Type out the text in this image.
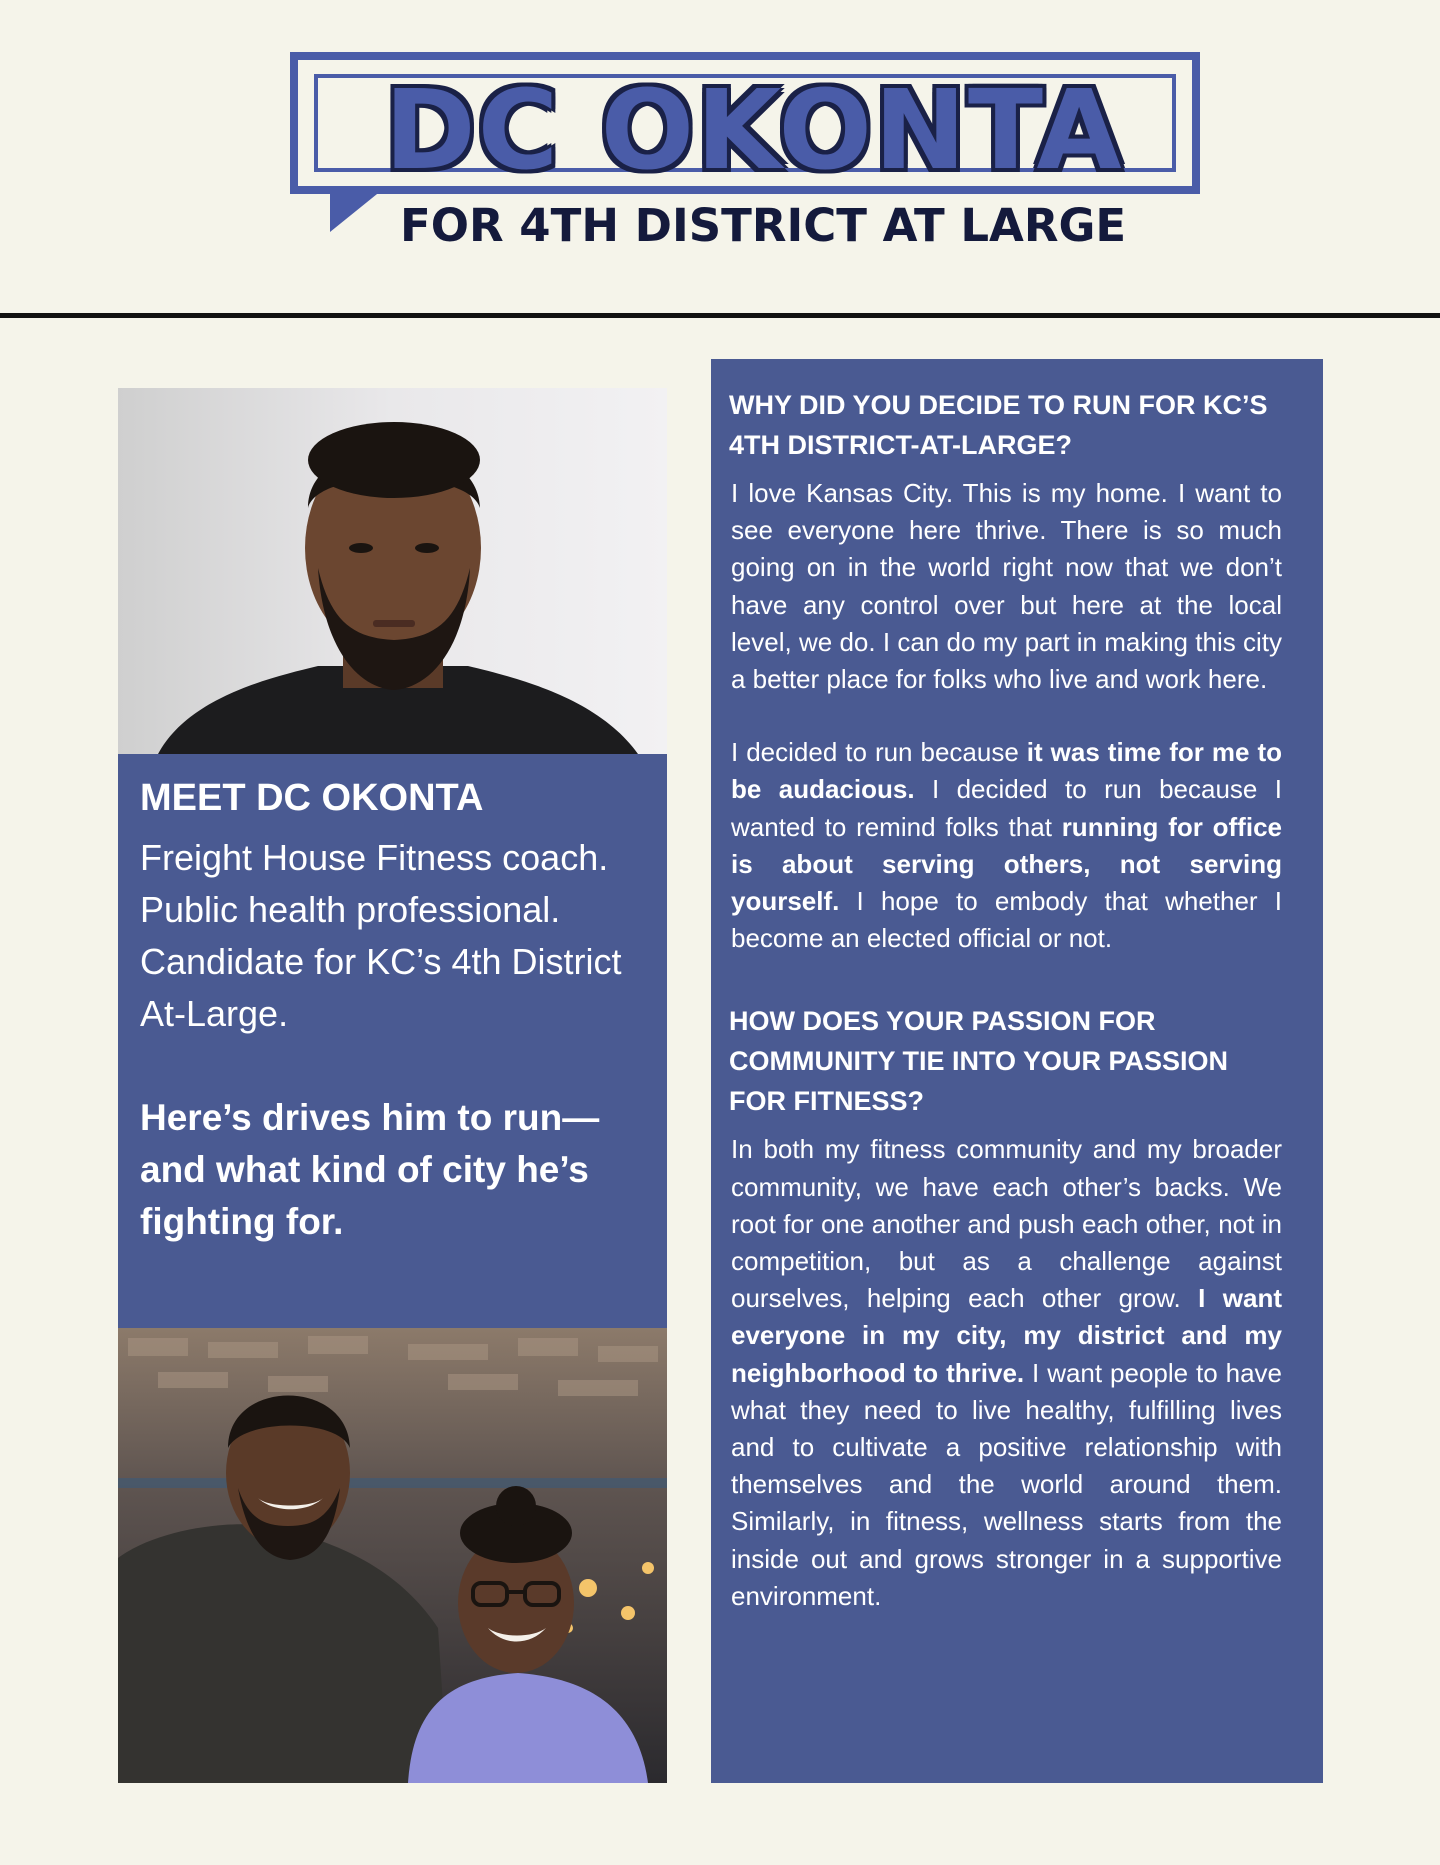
DC OKONTA
FOR 4TH DISTRICT AT LARGE
MEET DC OKONTA

Freight House Fitness coach. Public health professional. Candidate for KC’s 4th District At-Large.

Here’s drives him to run—and what kind of city he’s fighting for.

WHY DID YOU DECIDE TO RUN FOR KC’S 4TH DISTRICT-AT-LARGE?

I love Kansas City. This is my home. I want to see everyone here thrive. There is so much going on in the world right now that we don’t have any control over but here at the local level, we do. I can do my part in making this city a better place for folks who live and work here.

I decided to run because it was time for me to be audacious. I decided to run because I wanted to remind folks that running for office is about serving others, not serving yourself. I hope to embody that whether I become an elected official or not.

HOW DOES YOUR PASSION FOR COMMUNITY TIE INTO YOUR PASSION FOR FITNESS?

In both my fitness community and my broader community, we have each other’s backs. We root for one another and push each other, not in competition, but as a challenge against ourselves, helping each other grow. I want everyone in my city, my district and my neighborhood to thrive. I want people to have what they need to live healthy, fulfilling lives and to cultivate a positive relationship with themselves and the world around them. Similarly, in fitness, wellness starts from the inside out and grows stronger in a supportive environment.
